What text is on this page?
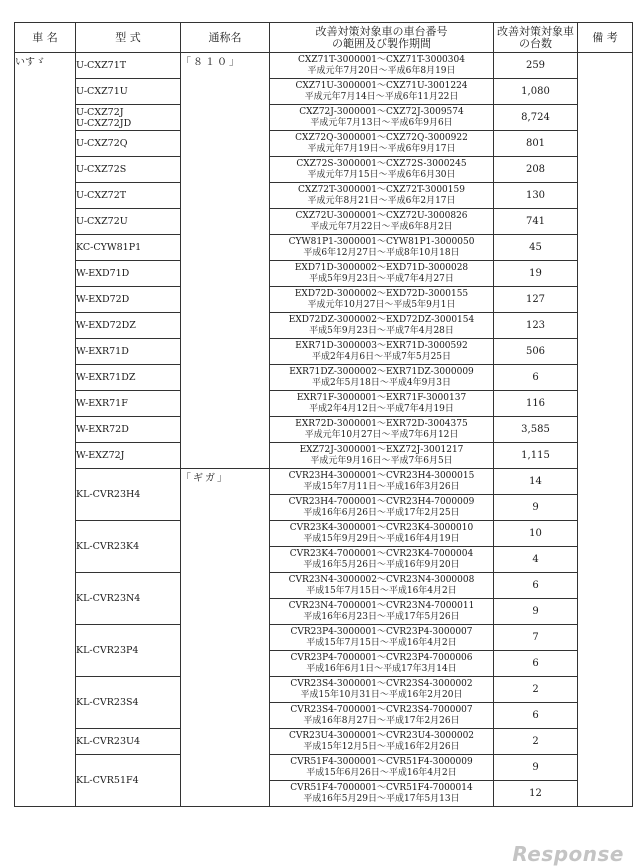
車 名	型 式	通称名	改善対策対象車の車台番号
の範囲及び製作期間	改善対策対象車
の台数	備 考
いすゞ	U-CXZ71T	「８１０」	CXZ71T-3000001～CXZ71T-3000304
平成元年7月20日～平成6年8月19日	259	
	U-CXZ71U		CXZ71U-3000001～CXZ71U-3001224
平成元年7月14日～平成6年11月22日	1,080	
	U-CXZ72J
U-CXZ72JD		CXZ72J-3000001～CXZ72J-3009574
平成元年7月13日～平成6年9月6日	8,724	
	U-CXZ72Q		CXZ72Q-3000001～CXZ72Q-3000922
平成元年7月19日～平成6年9月17日	801	
	U-CXZ72S		CXZ72S-3000001～CXZ72S-3000245
平成元年7月15日～平成6年6月30日	208	
	U-CXZ72T		CXZ72T-3000001～CXZ72T-3000159
平成元年8月21日～平成6年2月17日	130	
	U-CXZ72U		CXZ72U-3000001～CXZ72U-3000826
平成元年7月22日～平成6年8月2日	741	
	KC-CYW81P1		CYW81P1-3000001～CYW81P1-3000050
平成6年12月27日～平成8年10月18日	45	
	W-EXD71D		EXD71D-3000002～EXD71D-3000028
平成5年9月23日～平成7年4月27日	19	
	W-EXD72D		EXD72D-3000002～EXD72D-3000155
平成元年10月27日～平成5年9月1日	127	
	W-EXD72DZ		EXD72DZ-3000002～EXD72DZ-3000154
平成5年9月23日～平成7年4月28日	123	
	W-EXR71D		EXR71D-3000003～EXR71D-3000592
平成2年4月6日～平成7年5月25日	506	
	W-EXR71DZ		EXR71DZ-3000002～EXR71DZ-3000009
平成2年5月18日～平成4年9月3日	6	
	W-EXR71F		EXR71F-3000001～EXR71F-3000137
平成2年4月12日～平成7年4月19日	116	
	W-EXR72D		EXR72D-3000001～EXR72D-3004375
平成元年10月27日～平成7年6月12日	3,585	
	W-EXZ72J		EXZ72J-3000001～EXZ72J-3001217
平成元年9月16日～平成7年6月5日	1,115	
	KL-CVR23H4	「ギガ」	CVR23H4-3000001～CVR23H4-3000015
平成15年7月11日～平成16年3月26日	14	
			CVR23H4-7000001～CVR23H4-7000009
平成16年6月26日～平成17年2月25日	9	
	KL-CVR23K4		CVR23K4-3000001～CVR23K4-3000010
平成15年9月29日～平成16年4月19日	10	
			CVR23K4-7000001～CVR23K4-7000004
平成16年5月26日～平成16年9月20日	4	
	KL-CVR23N4		CVR23N4-3000002～CVR23N4-3000008
平成15年7月15日～平成16年4月2日	6	
			CVR23N4-7000001～CVR23N4-7000011
平成16年6月23日～平成17年5月26日	9	
	KL-CVR23P4		CVR23P4-3000001～CVR23P4-3000007
平成15年7月15日～平成16年4月2日	7	
			CVR23P4-7000001～CVR23P4-7000006
平成16年6月1日～平成17年3月14日	6	
	KL-CVR23S4		CVR23S4-3000001～CVR23S4-3000002
平成15年10月31日～平成16年2月20日	2	
			CVR23S4-7000001～CVR23S4-7000007
平成16年8月27日～平成17年2月26日	6	
	KL-CVR23U4		CVR23U4-3000001～CVR23U4-3000002
平成15年12月5日～平成16年2月26日	2	
	KL-CVR51F4		CVR51F4-3000001～CVR51F4-3000009
平成15年6月26日～平成16年4月2日	9	
			CVR51F4-7000001～CVR51F4-7000014
平成16年5月29日～平成17年5月13日	12	
Response
